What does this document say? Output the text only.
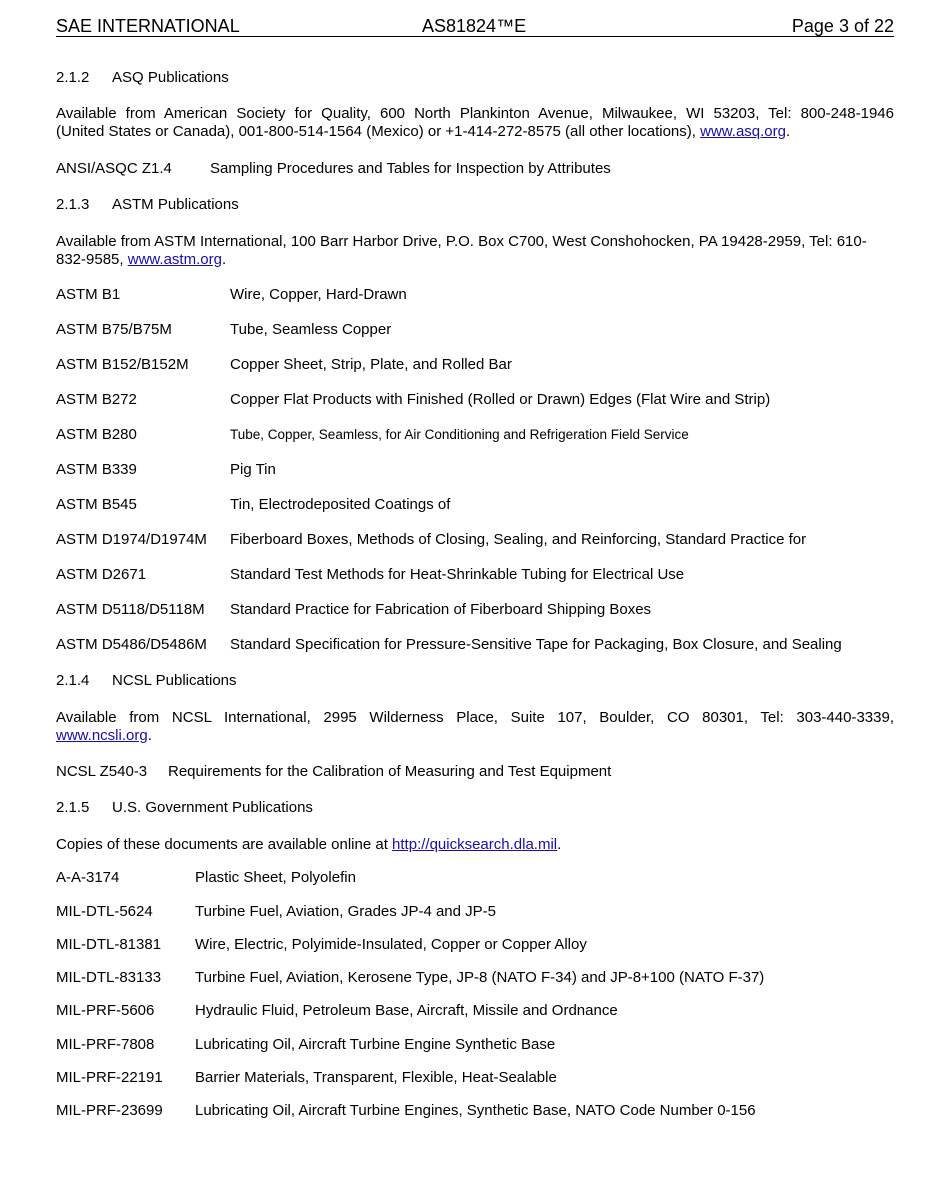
SAE INTERNATIONAL	AS81824™E	Page 3 of 22
2.1.2 ASQ Publications
Available from American Society for Quality, 600 North Plankinton Avenue, Milwaukee, WI 53203, Tel: 800-248-1946
(United States or Canada), 001-800-514-1564 (Mexico) or +1-414-272-8575 (all other locations), www.asq.org.
ANSI/ASQC Z1.4	Sampling Procedures and Tables for Inspection by Attributes
2.1.3 ASTM Publications
Available from ASTM International, 100 Barr Harbor Drive, P.O. Box C700, West Conshohocken, PA 19428-2959, Tel: 610-
832-9585, www.astm.org.
ASTM B1	Wire, Copper, Hard-Drawn
ASTM B75/B75M	Tube, Seamless Copper
ASTM B152/B152M	Copper Sheet, Strip, Plate, and Rolled Bar
ASTM B272	Copper Flat Products with Finished (Rolled or Drawn) Edges (Flat Wire and Strip)
ASTM B280	Tube, Copper, Seamless, for Air Conditioning and Refrigeration Field Service
ASTM B339	Pig Tin
ASTM B545	Tin, Electrodeposited Coatings of
ASTM D1974/D1974M Fiberboard Boxes, Methods of Closing, Sealing, and Reinforcing, Standard Practice for
ASTM D2671	Standard Test Methods for Heat-Shrinkable Tubing for Electrical Use
ASTM D5118/D5118M Standard Practice for Fabrication of Fiberboard Shipping Boxes
ASTM D5486/D5486M Standard Specification for Pressure-Sensitive Tape for Packaging, Box Closure, and Sealing
2.1.4 NCSL Publications
Available from NCSL International, 2995 Wilderness Place, Suite 107, Boulder, CO 80301, Tel: 303-440-3339,
www.ncsli.org.
NCSL Z540-3 Requirements for the Calibration of Measuring and Test Equipment
2.1.5 U.S. Government Publications
Copies of these documents are available online at http://quicksearch.dla.mil.
A-A-3174	Plastic Sheet, Polyolefin
MIL-DTL-5624	Turbine Fuel, Aviation, Grades JP-4 and JP-5
MIL-DTL-81381 Wire, Electric, Polyimide-Insulated, Copper or Copper Alloy
MIL-DTL-83133 Turbine Fuel, Aviation, Kerosene Type, JP-8 (NATO F-34) and JP-8+100 (NATO F-37)
MIL-PRF-5606	Hydraulic Fluid, Petroleum Base, Aircraft, Missile and Ordnance
MIL-PRF-7808	Lubricating Oil, Aircraft Turbine Engine Synthetic Base
MIL-PRF-22191 Barrier Materials, Transparent, Flexible, Heat-Sealable
MIL-PRF-23699 Lubricating Oil, Aircraft Turbine Engines, Synthetic Base, NATO Code Number 0-156
